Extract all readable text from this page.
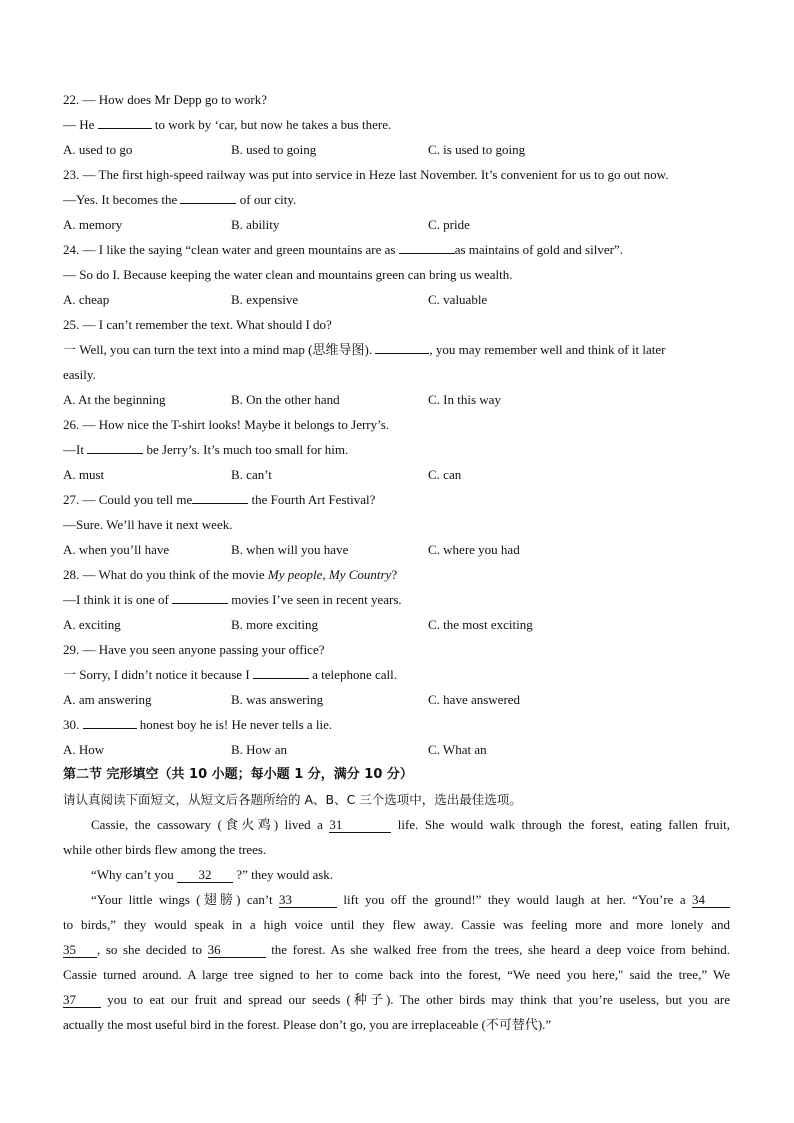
22. — How does Mr Depp go to work?
— He	to work by ‘car, but now he takes a bus there.
A. used to go	B. used to going	C. is used to going
23. — The first high-speed railway was put into service in Heze last November. It’s convenient for us to go out now.
—Yes. It becomes the	of our city.
A. memory	B. ability	C. pride
24. — I like the saying “clean water and green mountains are as	as maintains of gold and silver”.
— So do I. Because keeping the water clean and mountains green can bring us wealth.
A. cheap	B. expensive	C. valuable
25. — I can’t remember the text. What should I do?
一 Well, you can turn the text into a mind map (思维导图).	, you may remember well and think of it later
easily.
A. At the beginning	B. On the other hand	C. In this way
26. — How nice the T-shirt looks! Maybe it belongs to Jerry’s.
—It	be Jerry’s. It’s much too small for him.
A. must	B. can’t	C. can
27. — Could you tell me	the Fourth Art Festival?
—Sure. We’ll have it next week.
A. when you’ll have	B. when will you have	C. where you had
28. — What do you think of the movie My people, My Country?
—I think it is one of	movies I’ve seen in recent years.
A. exciting	B. more exciting	C. the most exciting
29. — Have you seen anyone passing your office?
一 Sorry, I didn’t notice it because I	a telephone call.
A. am answering	B. was answering	C. have answered
30.	honest boy he is! He never tells a lie.
A. How	B. How an	C. What an
第二节 完形填空（共 10 小题；每小题 1 分，满分 10 分）
请认真阅读下面短文，从短文后各题所给的 A、B、C 三个选项中，选出最佳选项。
Cassie, the cassowary (食火鸡) lived a 31	life. She would walk through the forest, eating fallen fruit,
while other birds flew among the trees.
“Why can’t you 32 ?” they would ask.
“Your little wings (翅膀) can’t 33	lift you off the ground!” they would laugh at her. “You’re a 34
to birds,” they would speak in a high voice until they flew away. Cassie was feeling more and more lonely and
35 , so she decided to 36	the forest. As she walked free from the trees, she heard a deep voice from behind.
Cassie turned around. A large tree signed to her to come back into the forest, “We need you here," said the tree,” We
37 you to eat our fruit and spread our seeds (种子). The other birds may think that you’re useless, but you are
actually the most useful bird in the forest. Please don’t go, you are irreplaceable (不可替代).”
